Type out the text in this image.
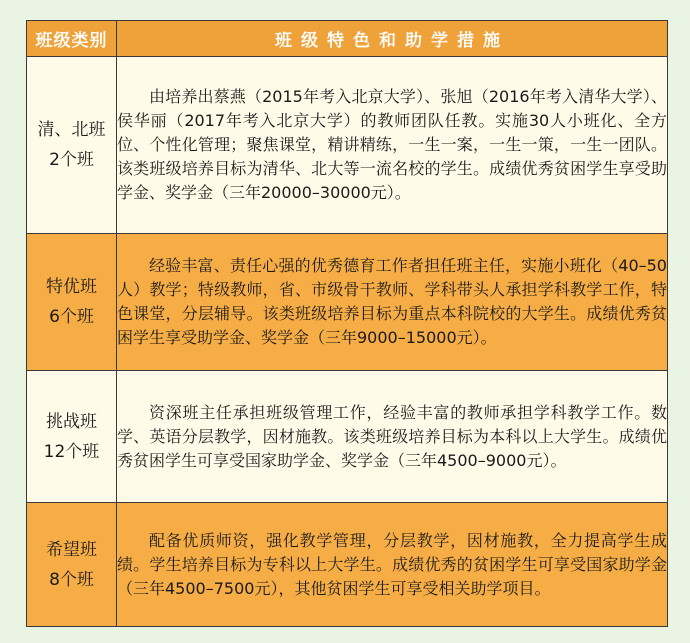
班级类别	班级特色和助学措施

清、北班
2个班	由培养出蔡燕（2015年考入北京大学）、张旭（2016年考入清华大学）、侯华丽（2017年考入北京大学）的教师团队任教。实施30人小班化、全方位、个性化管理；聚焦课堂，精讲精练，一生一案，一生一策，一生一团队。该类班级培养目标为清华、北大等一流名校的学生。成绩优秀贫困学生享受助学金、奖学金（三年20000–30000元）。

特优班
6个班	经验丰富、责任心强的优秀德育工作者担任班主任，实施小班化（40–50人）教学；特级教师，省、市级骨干教师、学科带头人承担学科教学工作，特色课堂，分层辅导。该类班级培养目标为重点本科院校的大学生。成绩优秀贫困学生享受助学金、奖学金（三年9000–15000元）。

挑战班
12个班	资深班主任承担班级管理工作，经验丰富的教师承担学科教学工作。数学、英语分层教学，因材施教。该类班级培养目标为本科以上大学生。成绩优秀贫困学生可享受国家助学金、奖学金（三年4500–9000元）。

希望班
8个班	配备优质师资，强化教学管理，分层教学，因材施教，全力提高学生成绩。学生培养目标为专科以上大学生。成绩优秀的贫困学生可享受国家助学金（三年4500–7500元），其他贫困学生可享受相关助学项目。
